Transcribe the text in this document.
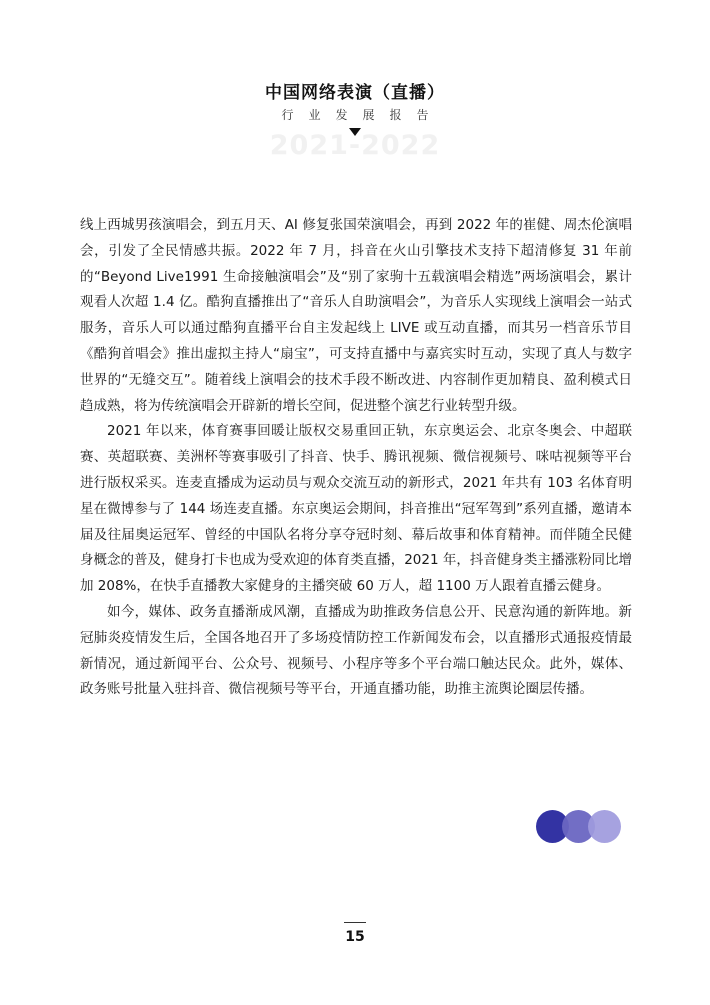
中国网络表演（直播）
行业发展报告
2021-2022

线上西城男孩演唱会，到五月天、AI 修复张国荣演唱会，再到 2022 年的崔健、周杰伦演唱会，引发了全民情感共振。2022 年 7 月，抖音在火山引擎技术支持下超清修复 31 年前的“Beyond Live1991 生命接触演唱会”及“别了家驹十五载演唱会精选”两场演唱会，累计观看人次超 1.4 亿。酷狗直播推出了“音乐人自助演唱会”，为音乐人实现线上演唱会一站式服务，音乐人可以通过酷狗直播平台自主发起线上 LIVE 或互动直播，而其另一档音乐节目《酷狗首唱会》推出虚拟主持人“扇宝”，可支持直播中与嘉宾实时互动，实现了真人与数字世界的“无缝交互”。随着线上演唱会的技术手段不断改进、内容制作更加精良、盈利模式日趋成熟，将为传统演唱会开辟新的增长空间，促进整个演艺行业转型升级。

2021 年以来，体育赛事回暖让版权交易重回正轨，东京奥运会、北京冬奥会、中超联赛、英超联赛、美洲杯等赛事吸引了抖音、快手、腾讯视频、微信视频号、咪咕视频等平台进行版权采买。连麦直播成为运动员与观众交流互动的新形式，2021 年共有 103 名体育明星在微博参与了 144 场连麦直播。东京奥运会期间，抖音推出“冠军驾到”系列直播，邀请本届及往届奥运冠军、曾经的中国队名将分享夺冠时刻、幕后故事和体育精神。而伴随全民健身概念的普及，健身打卡也成为受欢迎的体育类直播，2021 年，抖音健身类主播涨粉同比增加 208%，在快手直播教大家健身的主播突破 60 万人，超 1100 万人跟着直播云健身。

如今，媒体、政务直播渐成风潮，直播成为助推政务信息公开、民意沟通的新阵地。新冠肺炎疫情发生后，全国各地召开了多场疫情防控工作新闻发布会，以直播形式通报疫情最新情况，通过新闻平台、公众号、视频号、小程序等多个平台端口触达民众。此外，媒体、政务账号批量入驻抖音、微信视频号等平台，开通直播功能，助推主流舆论圈层传播。

15
